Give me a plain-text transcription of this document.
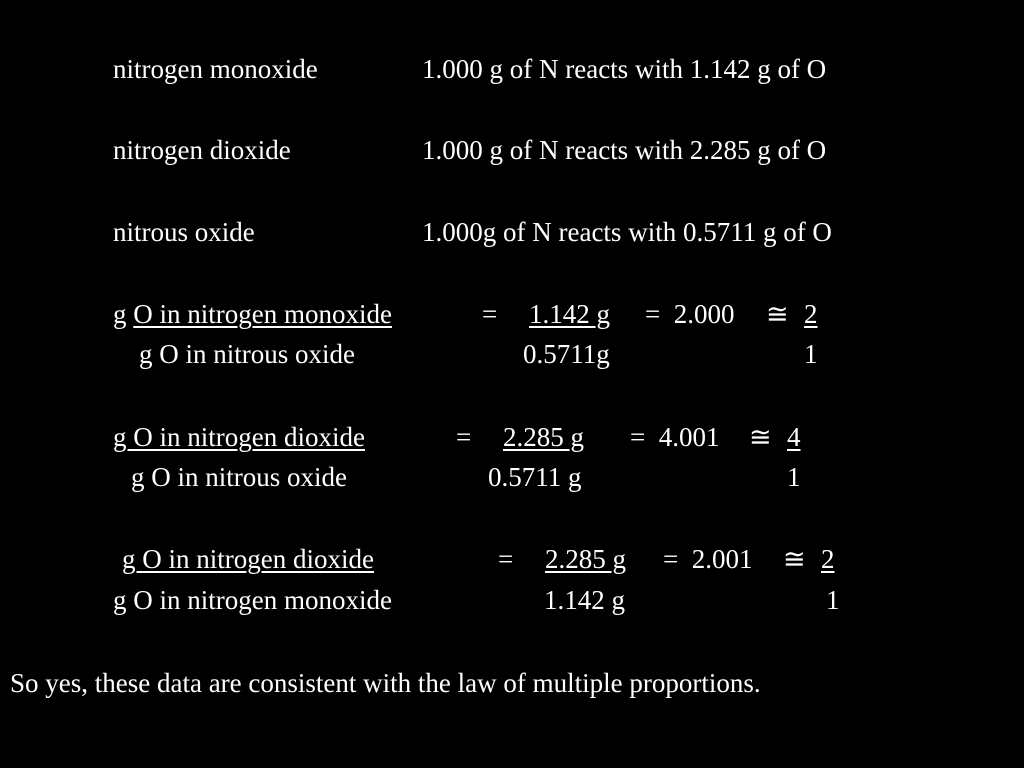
nitrogen monoxide	1.000 g of N reacts with 1.142 g of O
nitrogen dioxide	1.000 g of N reacts with 2.285 g of O
nitrous oxide	1.000g of N reacts with 0.5711 g of O
g O in nitrogen monoxide	= 1.142 g =  2.000 ≅ 2
g O in nitrous oxide	0.5711g	1
g O in nitrogen dioxide	= 2.285 g =  4.001 ≅ 4
g O in nitrous oxide	0.5711 g	1
g O in nitrogen dioxide	= 2.285 g =  2.001 ≅ 2
g O in nitrogen monoxide	1.142 g	1
So yes, these data are consistent with the law of multiple proportions.
